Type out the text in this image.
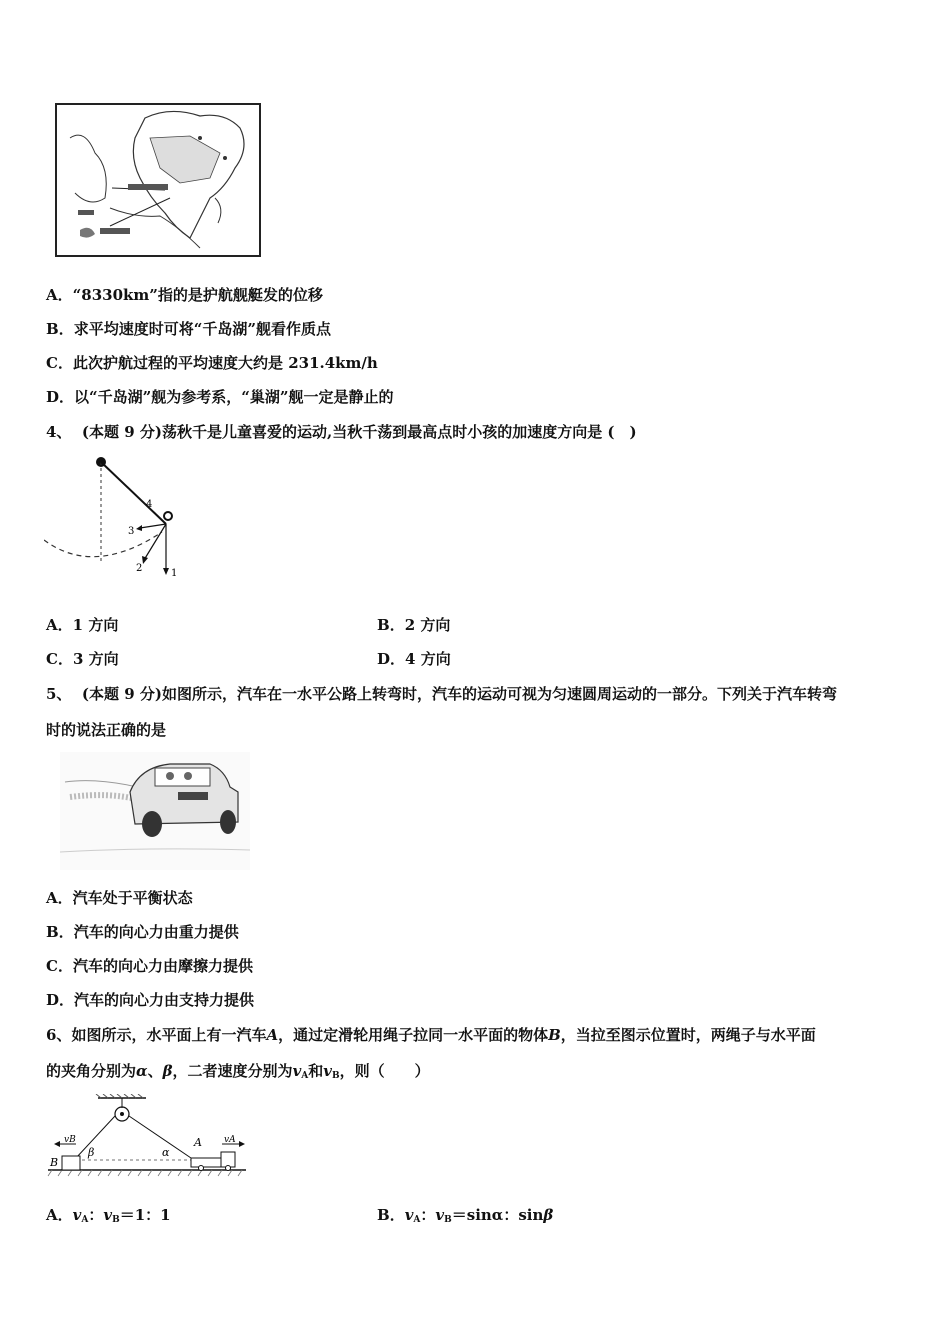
A．“8330km”指的是护航舰艇发的位移
B．求平均速度时可将“千岛湖”舰看作质点
C．此次护航过程的平均速度大约是 231.4km/h
D．以“千岛湖”舰为参考系，“巢湖”舰一定是静止的
4、 (本题 9 分)荡秋千是儿童喜爱的运动,当秋千荡到最高点时小孩的加速度方向是 (　)
1
2
3
4
A．1 方向	B．2 方向
C．3 方向	D．4 方向
5、 (本题 9 分)如图所示，汽车在一水平公路上转弯时，汽车的运动可视为匀速圆周运动的一部分。下列关于汽车转弯
时的说法正确的是
A．汽车处于平衡状态
B．汽车的向心力由重力提供
C．汽车的向心力由摩擦力提供
D．汽车的向心力由支持力提供
6、如图所示，水平面上有一汽车A，通过定滑轮用绳子拉同一水平面的物体B，当拉至图示位置时，两绳子与水平面
的夹角分别为α、β，二者速度分别为$v_A$和$v_B$，则（　　）
vB	vA
B
A
β	α
A．$v_A$：$v_B=1$：1	B．$v_A$：$v_B=\sin\alpha$：sinβ
